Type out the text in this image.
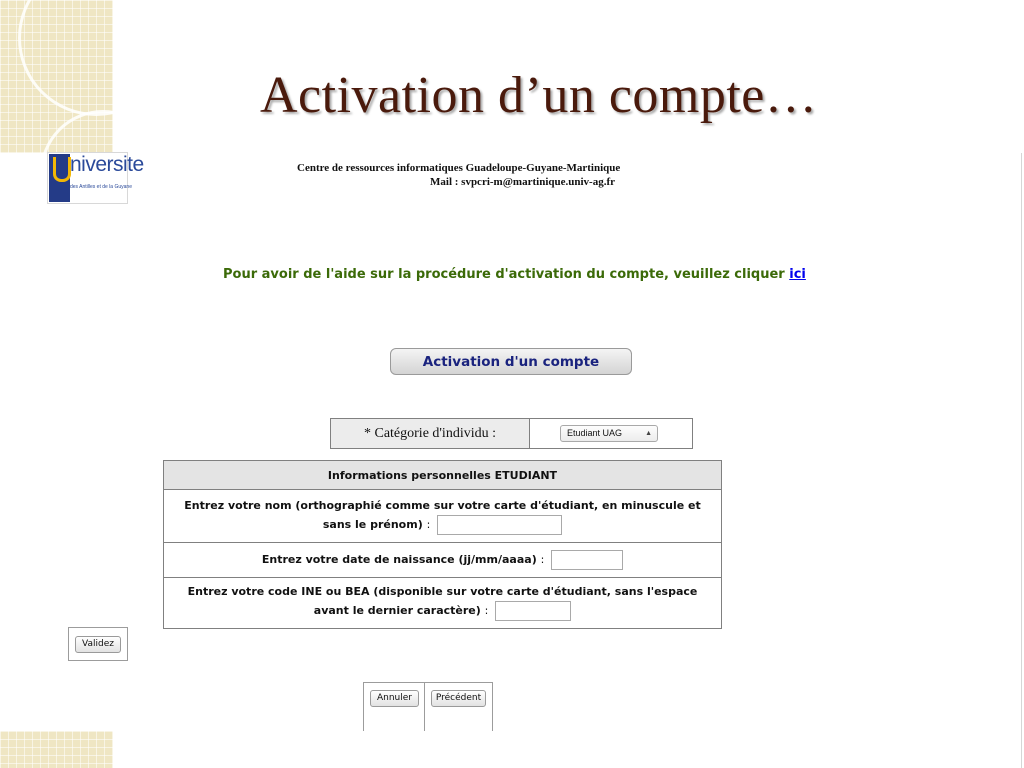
Activation d’un compte…
niversite
des Antilles et de la Guyane
Centre de ressources informatiques Guadeloupe-Guyane-Martinique
Mail : svpcri-m@martinique.univ-ag.fr
Pour avoir de l'aide sur la procédure d'activation du compte, veuillez cliquer ici
Activation d'un compte
* Catégorie d'individu :	Etudiant UAG	▲

Informations personnelles ETUDIANT
Entrez votre nom (orthographié comme sur votre carte d'étudiant, en minuscule et sans le prénom) :
Entrez votre date de naissance (jj/mm/aaaa) :
Entrez votre code INE ou BEA (disponible sur votre carte d'étudiant, sans l'espace avant le dernier caractère) :
Validez
Annuler	Précédent
